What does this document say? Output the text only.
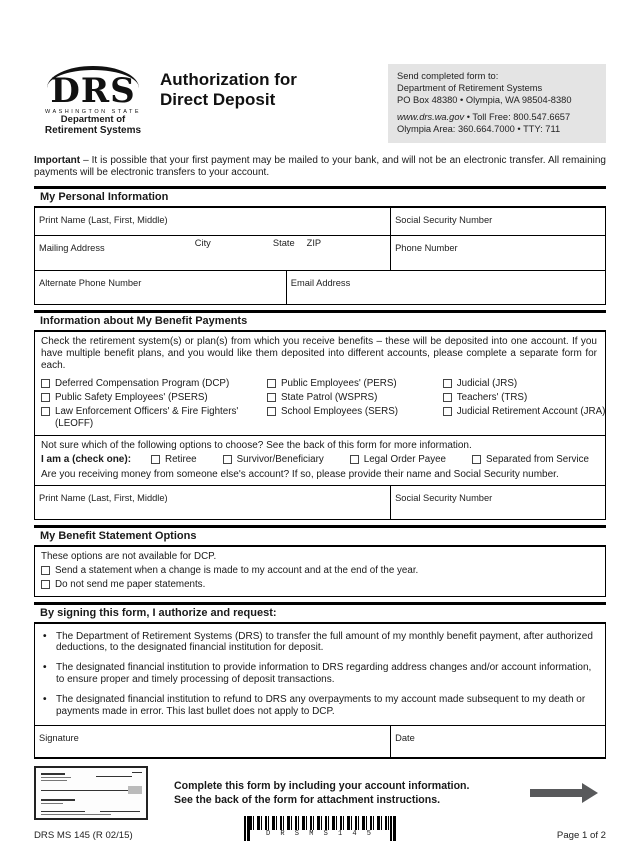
DRS
WASHINGTON STATE
Department of
Retirement Systems
Authorization for
Direct Deposit
Send completed form to:
Department of Retirement Systems
PO Box 48380 • Olympia, WA 98504-8380
www.drs.wa.gov • Toll Free: 800.547.6657
Olympia Area: 360.664.7000 • TTY: 711
Important – It is possible that your first payment may be mailed to your bank, and will not be an electronic transfer. All remaining payments will be electronic transfers to your account.
My Personal Information
Print Name (Last, First, Middle)	Social Security Number
Mailing Address	City	State ZIP	Phone Number
Alternate Phone Number	Email Address
Information about My Benefit Payments
Check the retirement system(s) or plan(s) from which you receive benefits – these will be deposited into one account. If you have multiple benefit plans, and you would like them deposited into different accounts, please complete a separate form for each.
Deferred Compensation Program (DCP)
Public Safety Employees' (PSERS)
Law Enforcement Officers' & Fire Fighters' (LEOFF)
Public Employees' (PERS)
State Patrol (WSPRS)
School Employees (SERS)
Judicial (JRS)
Teachers' (TRS)
Judicial Retirement Account (JRA)
Not sure which of the following options to choose? See the back of this form for more information.
I am a (check one):	Retiree	Survivor/Beneficiary	Legal Order Payee	Separated from Service
Are you receiving money from someone else's account? If so, please provide their name and Social Security number.
Print Name (Last, First, Middle)	Social Security Number
My Benefit Statement Options
These options are not available for DCP.
Send a statement when a change is made to my account and at the end of the year.
Do not send me paper statements.
By signing this form, I authorize and request:
• The Department of Retirement Systems (DRS) to transfer the full amount of my monthly benefit payment, after authorized deductions, to the designated financial institution for deposit.
• The designated financial institution to provide information to DRS regarding address changes and/or account information, to ensure proper and timely processing of deposit transactions.
• The designated financial institution to refund to DRS any overpayments to my account made subsequent to my death or payments made in error. This last bullet does not apply to DCP.
Signature	Date
Complete this form by including your account information.
See the back of the form for attachment instructions.
DRS MS 145 (R 02/15)	D R S M S 1 4 5	Page 1 of 2
